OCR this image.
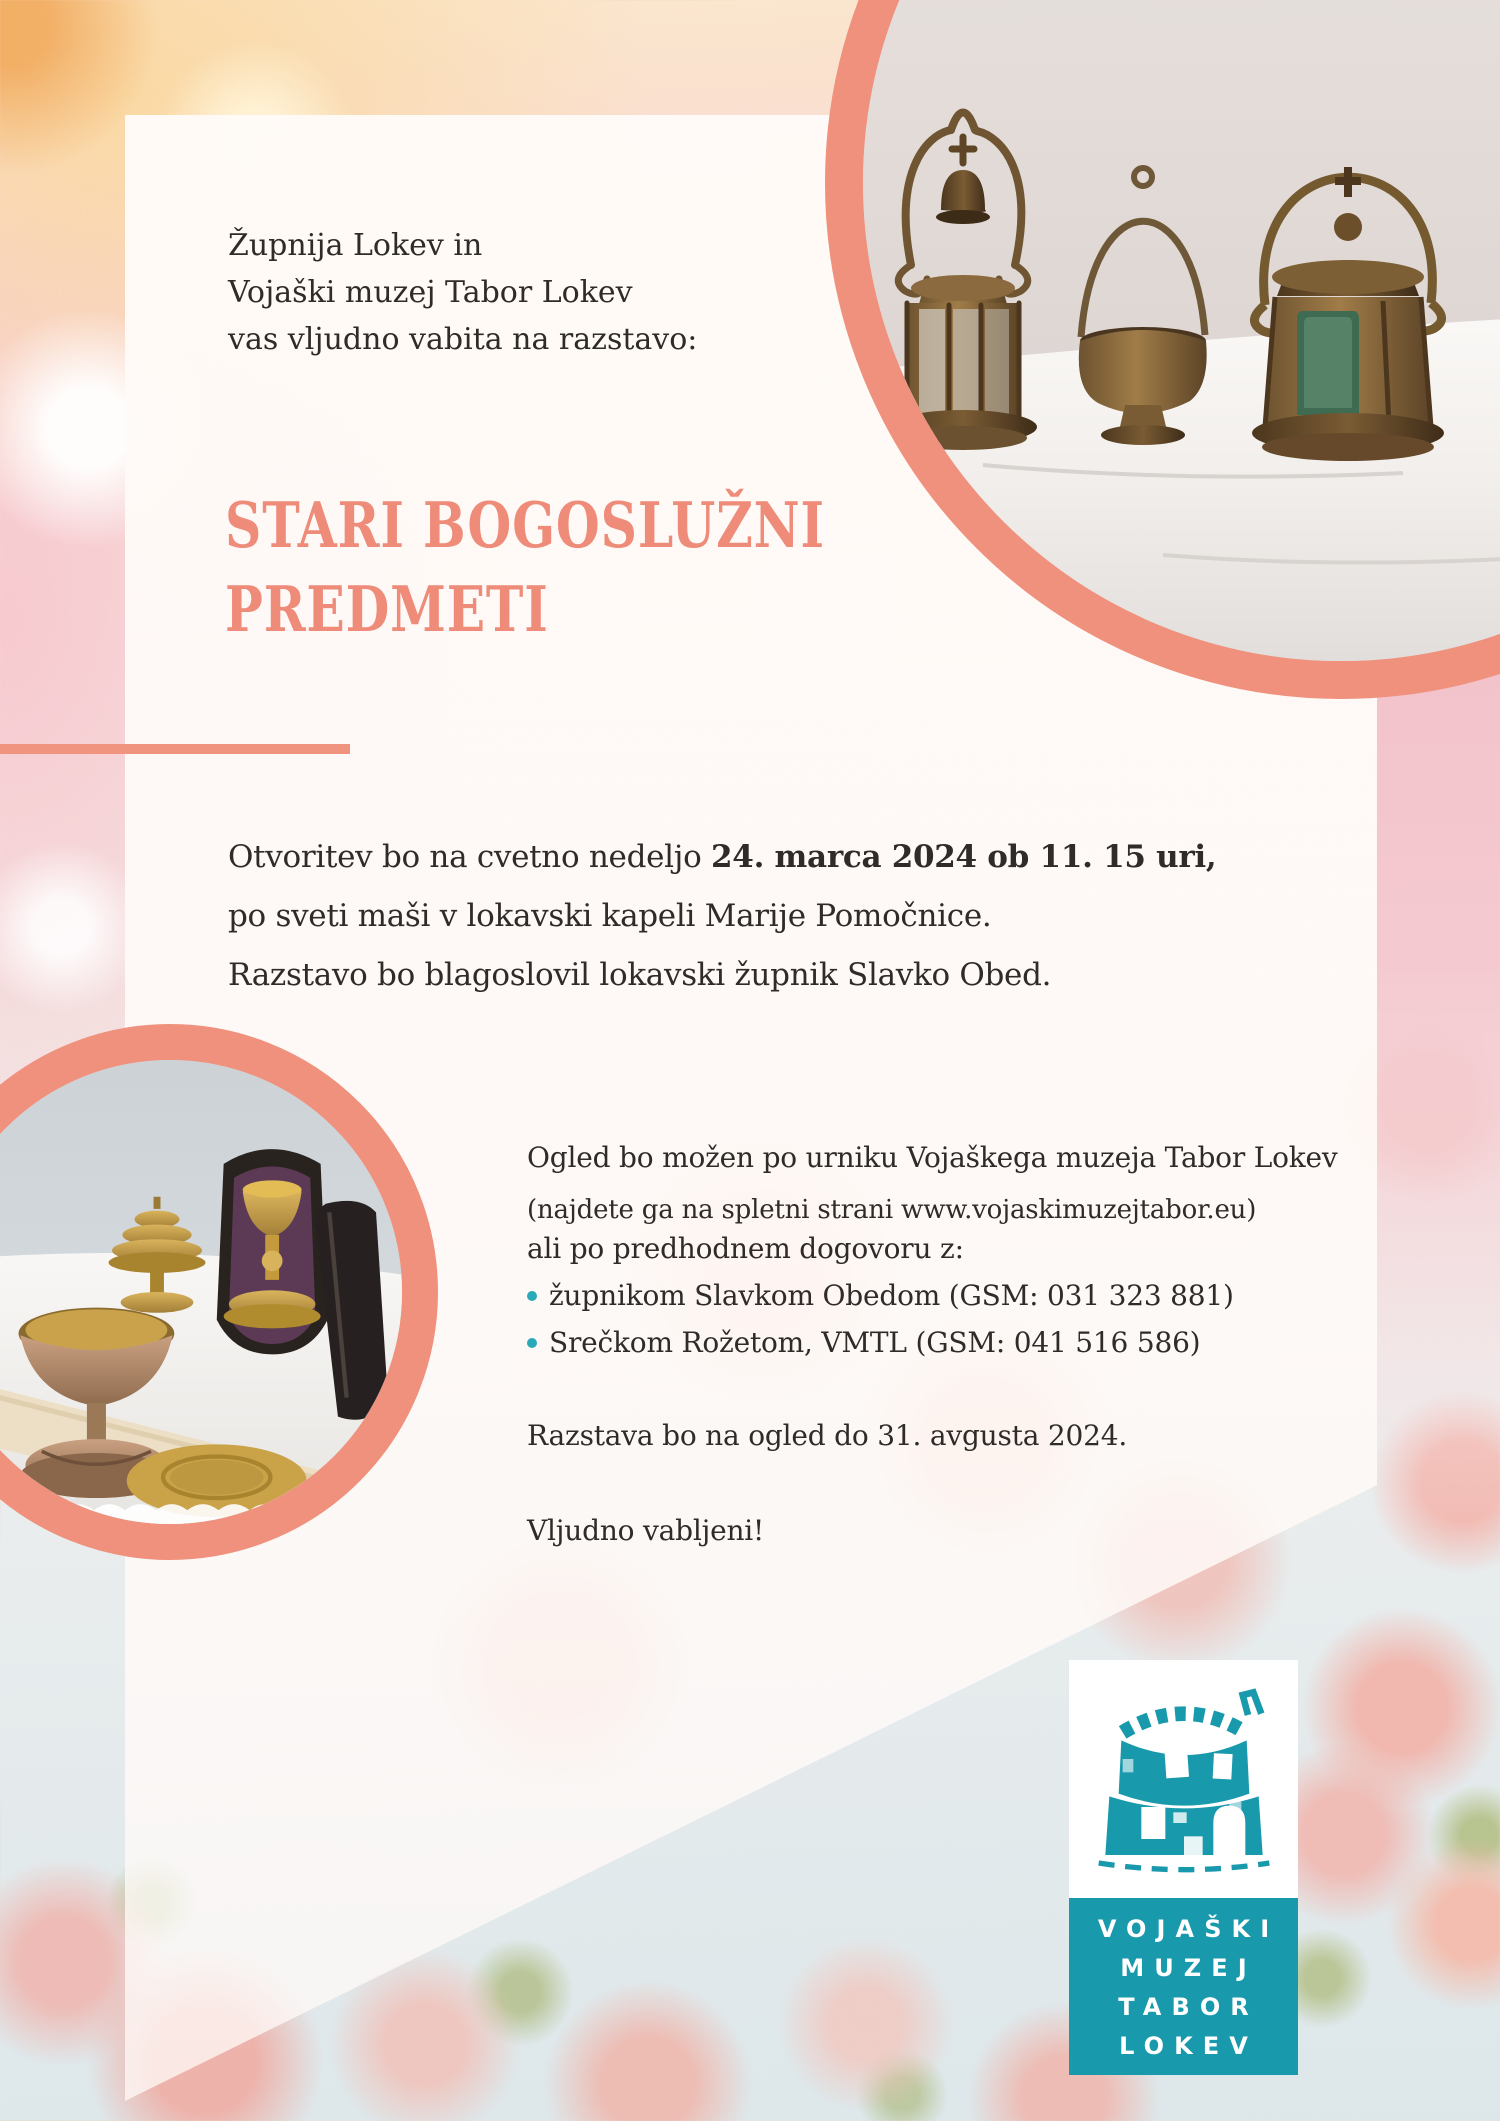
Župnija Lokev in
Vojaški muzej Tabor Lokev
vas vljudno vabita na razstavo:
STARI BOGOSLUŽNI
PREDMETI
Otvoritev bo na cvetno nedeljo 24. marca 2024 ob 11. 15 uri,
po sveti maši v lokavski kapeli Marije Pomočnice.
Razstavo bo blagoslovil lokavski župnik Slavko Obed.
Ogled bo možen po urniku Vojaškega muzeja Tabor Lokev
(najdete ga na spletni strani www.vojaskimuzejtabor.eu)
ali po predhodnem dogovoru z:
župnikom Slavkom Obedom (GSM: 031 323 881)
Srečkom Rožetom, VMTL (GSM: 041 516 586)
Razstava bo na ogled do 31. avgusta 2024.
Vljudno vabljeni!
VOJAŠKI
MUZEJ
TABOR
LOKEV
